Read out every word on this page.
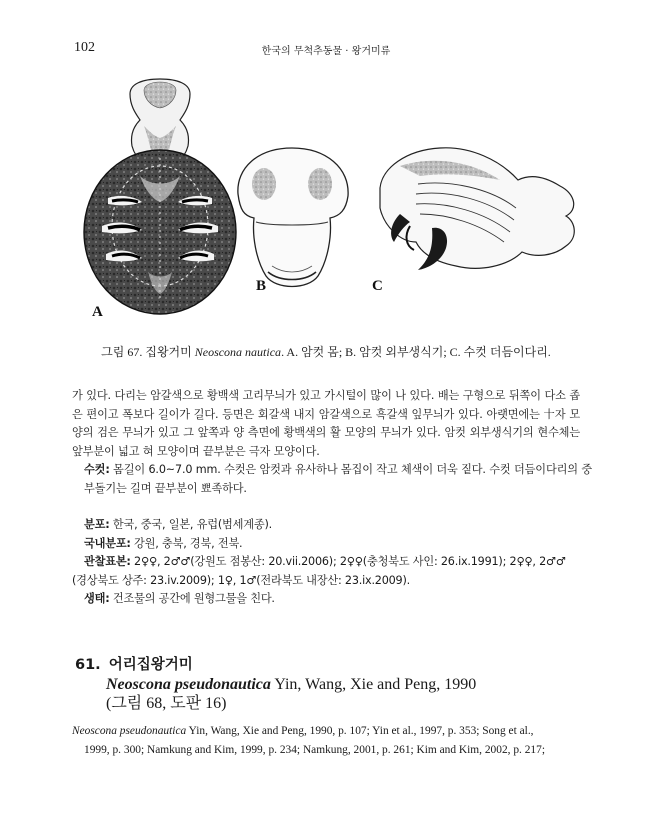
102	한국의 무척추동물 · 왕거미류
A
B	C
그림 67. 집왕거미 Neoscona nautica. A. 암컷 몸; B. 암컷 외부생식기; C. 수컷 더듬이다리.
가 있다. 다리는 암갈색으로 황백색 고리무늬가 있고 가시털이 많이 나 있다. 배는 구형으로 뒤쪽이 다소 좁은 편이고 폭보다 길이가 길다. 등면은 회갈색 내지 암갈색으로 흑갈색 잎무늬가 있다. 아랫면에는 十자 모양의 검은 무늬가 있고 그 앞쪽과 양 측면에 황백색의 활 모양의 무늬가 있다. 암컷 외부생식기의 현수체는 앞부분이 넓고 혀 모양이며 끝부분은 극자 모양이다.
수컷: 몸길이 6.0~7.0 mm. 수컷은 암컷과 유사하나 몸집이 작고 체색이 더욱 짙다. 수컷 더듬이다리의 중부돌기는 길며 끝부분이 뾰족하다.
분포: 한국, 중국, 일본, 유럽(범세계종).
국내분포: 강원, 충북, 경북, 전북.
관찰표본: 2♀♀, 2♂♂(강원도 점봉산: 20.vii.2006); 2♀♀(충청북도 사인: 26.ix.1991); 2♀♀, 2♂♂
(경상북도 상주: 23.iv.2009); 1♀, 1♂(전라북도 내장산: 23.ix.2009).
생태: 건조물의 공간에 원형그물을 친다.
61. 어리집왕거미
Neoscona pseudonautica Yin, Wang, Xie and Peng, 1990
(그림 68, 도판 16)
Neoscona pseudonautica Yin, Wang, Xie and Peng, 1990, p. 107; Yin et al., 1997, p. 353; Song et al.,
1999, p. 300; Namkung and Kim, 1999, p. 234; Namkung, 2001, p. 261; Kim and Kim, 2002, p. 217;
